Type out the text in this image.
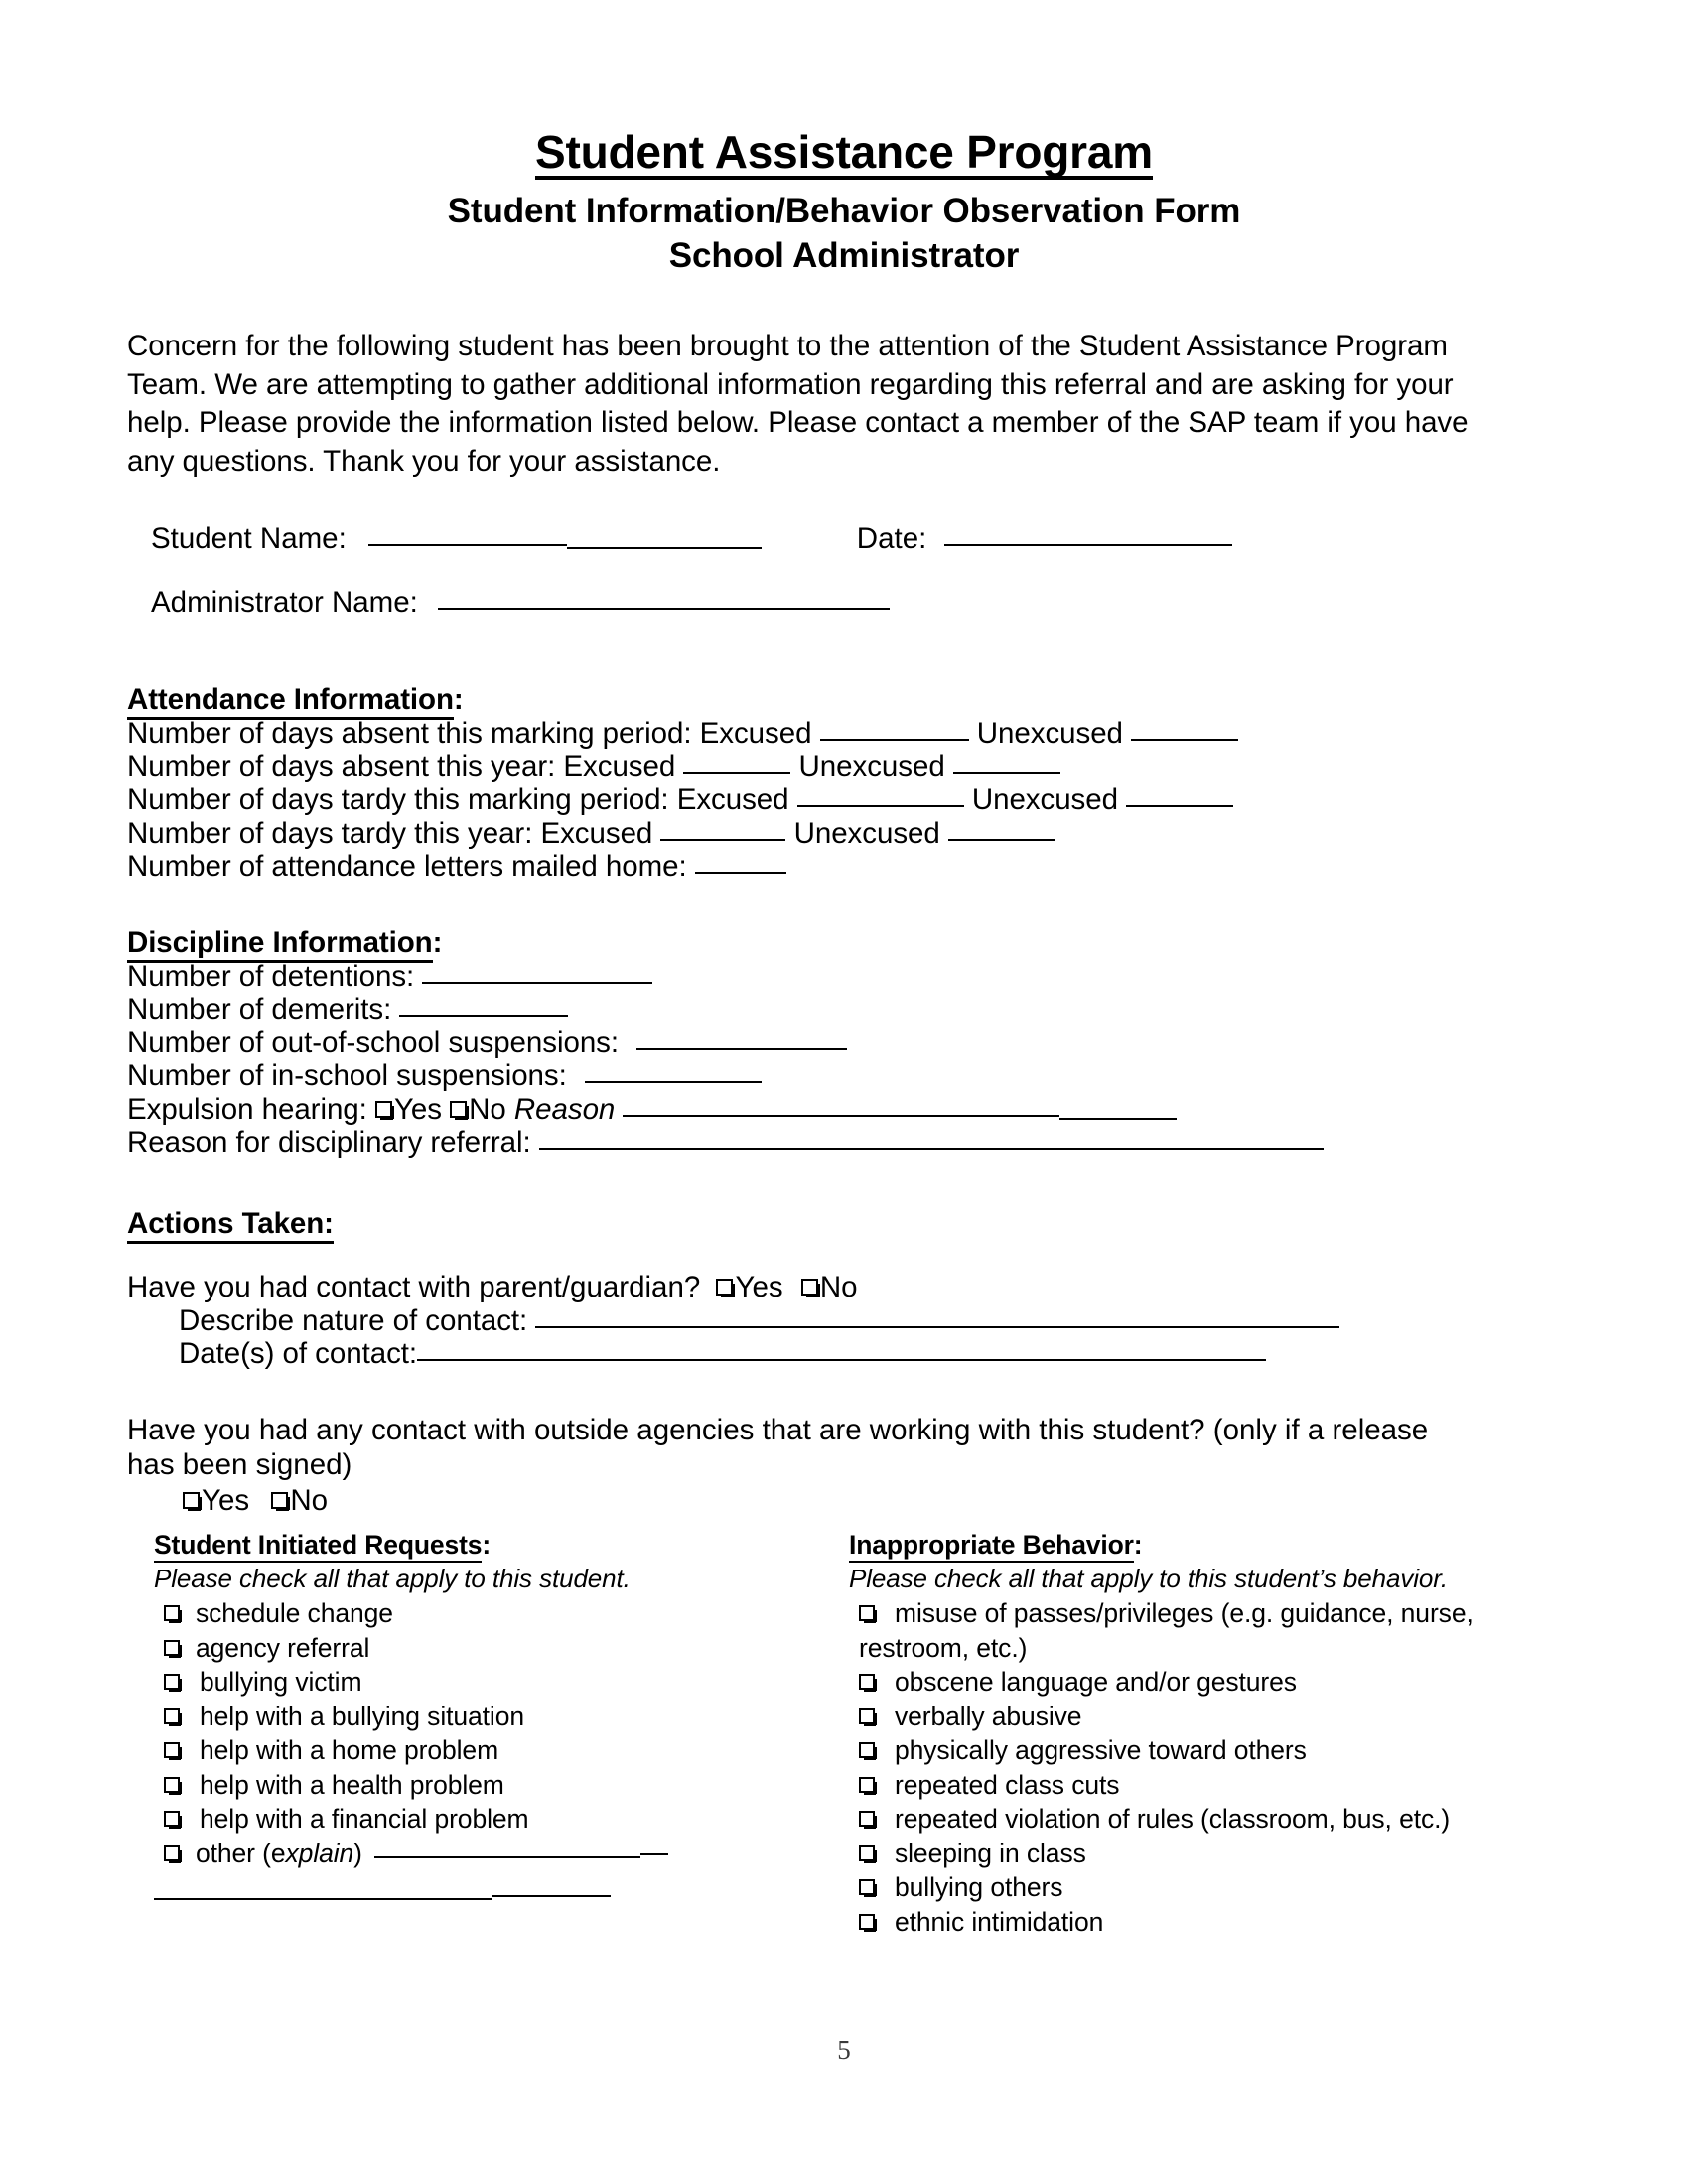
Student Assistance Program
Student Information/Behavior Observation Form
School Administrator
Concern for the following student has been brought to the attention of the Student Assistance Program Team. We are attempting to gather additional information regarding this referral and are asking for your help. Please provide the information listed below. Please contact a member of the SAP team if you have any questions. Thank you for your assistance.
Student Name:	Date:
Administrator Name:
Attendance Information:
Number of days absent this marking period: Excused	Unexcused
Number of days absent this year: Excused	Unexcused
Number of days tardy this marking period: Excused	Unexcused
Number of days tardy this year: Excused	Unexcused
Number of attendance letters mailed home:
Discipline Information:
Number of detentions:
Number of demerits:
Number of out-of-school suspensions:
Number of in-school suspensions:
Expulsion hearing: Yes No Reason
Reason for disciplinary referral:
Actions Taken:
Have you had contact with parent/guardian? Yes No
Describe nature of contact:
Date(s) of contact:
Have you had any contact with outside agencies that are working with this student? (only if a release
has been signed)
Yes No
Student Initiated Requests:
Please check all that apply to this student.
schedule change
agency referral
bullying victim
help with a bullying situation
help with a home problem
help with a health problem
help with a financial problem
other (explain)
Inappropriate Behavior:
Please check all that apply to this student’s behavior.
misuse of passes/privileges (e.g. guidance, nurse, restroom, etc.)
obscene language and/or gestures
verbally abusive
physically aggressive toward others
repeated class cuts
repeated violation of rules (classroom, bus, etc.)
sleeping in class
bullying others
ethnic intimidation
5
